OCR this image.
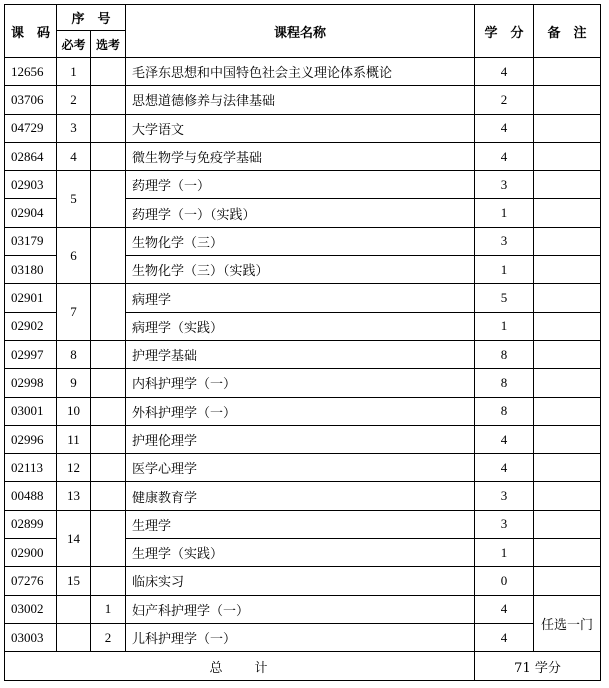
课　码	序　号		课程名称	学　分	备　注
	必考	选考			
12656	1		毛泽东思想和中国特色社会主义理论体系概论	4	
03706	2		思想道德修养与法律基础	2	
04729	3		大学语文	4	
02864	4		微生物学与免疫学基础	4	
02903	5		药理学（一）	3	
02904			药理学（一）（实践）	1	
03179	6		生物化学（三）	3	
03180			生物化学（三）（实践）	1	
02901	7		病理学	5	
02902			病理学（实践）	1	
02997	8		护理学基础	8	
02998	9		内科护理学（一）	8	
03001	10		外科护理学（一）	8	
02996	11		护理伦理学	4	
02113	12		医学心理学	4	
00488	13		健康教育学	3	
02899	14		生理学	3	
02900			生理学（实践）	1	
07276	15		临床实习	0	
03002		1	妇产科护理学（一）	4	任选一门
03003		2	儿科护理学（一）	4	
总　　计				71 学分	
